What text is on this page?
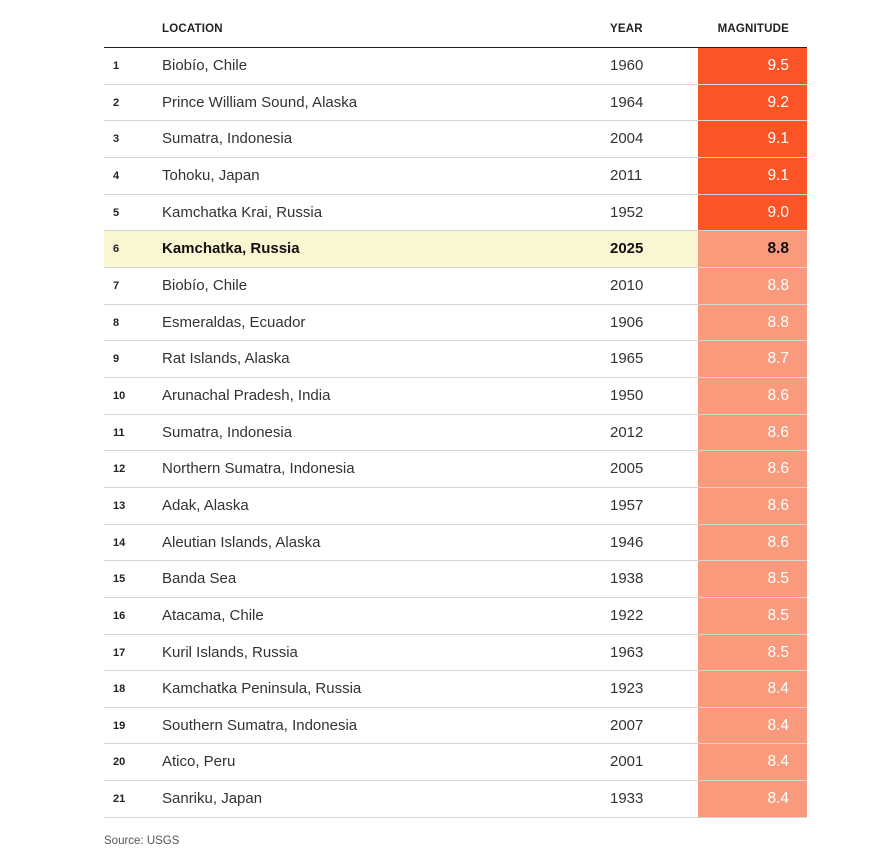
LOCATION	YEAR	MAGNITUDE
1	Biobío, Chile	1960	9.5
2	Prince William Sound, Alaska	1964	9.2
3	Sumatra, Indonesia	2004	9.1
4	Tohoku, Japan	2011	9.1
5	Kamchatka Krai, Russia	1952	9.0
6	Kamchatka, Russia	2025	8.8
7	Biobío, Chile	2010	8.8
8	Esmeraldas, Ecuador	1906	8.8
9	Rat Islands, Alaska	1965	8.7
10 Arunachal Pradesh, India	1950	8.6
11 Sumatra, Indonesia	2012	8.6
12 Northern Sumatra, Indonesia	2005	8.6
13 Adak, Alaska	1957	8.6
14 Aleutian Islands, Alaska	1946	8.6
15 Banda Sea	1938	8.5
16 Atacama, Chile	1922	8.5
17 Kuril Islands, Russia	1963	8.5
18 Kamchatka Peninsula, Russia	1923	8.4
19 Southern Sumatra, Indonesia	2007	8.4
20 Atico, Peru	2001	8.4
21 Sanriku, Japan	1933	8.4
Source: USGS
